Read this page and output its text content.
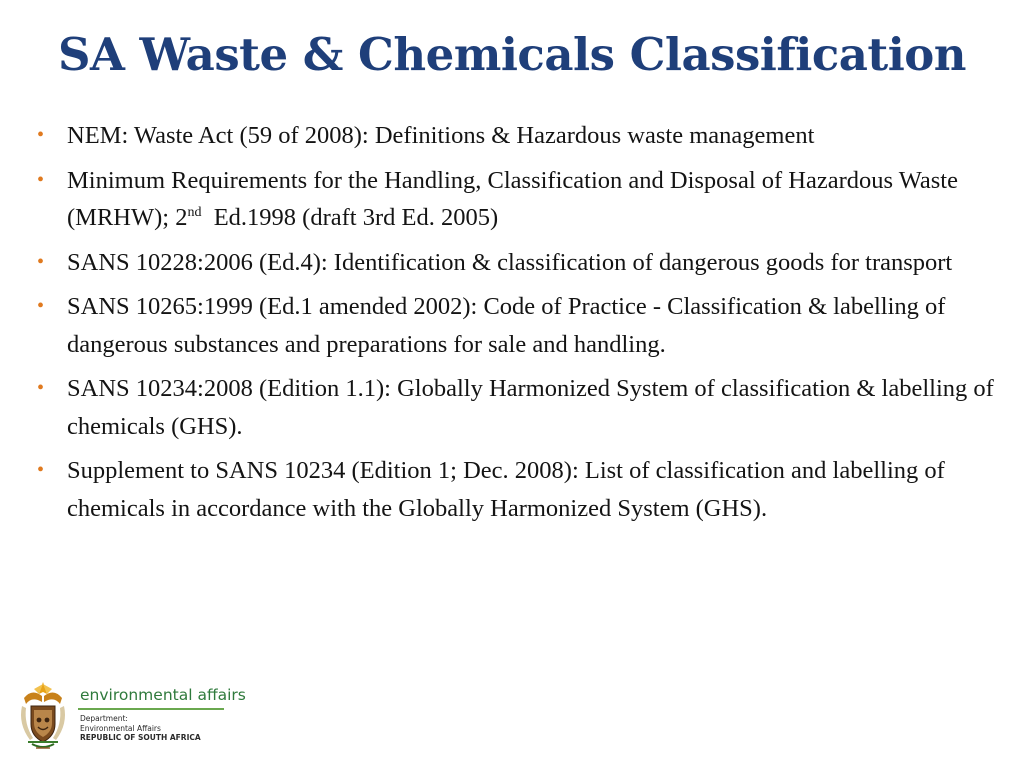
SA Waste & Chemicals Classification
• NEM: Waste Act (59 of 2008): Definitions & Hazardous waste management
• Minimum Requirements for the Handling, Classification and Disposal of Hazardous Waste (MRHW); 2nd  Ed.1998 (draft 3rd Ed. 2005)
• SANS 10228:2006 (Ed.4): Identification & classification of dangerous goods for transport
• SANS 10265:1999 (Ed.1 amended 2002): Code of Practice - Classification & labelling of dangerous substances and preparations for sale and handling.
• SANS 10234:2008 (Edition 1.1): Globally Harmonized System of classification & labelling of chemicals (GHS).
• Supplement to SANS 10234 (Edition 1; Dec. 2008): List of classification and labelling of chemicals in accordance with the Globally Harmonized System (GHS).
environmental affairs
Department:
Environmental Affairs
REPUBLIC OF SOUTH AFRICA
